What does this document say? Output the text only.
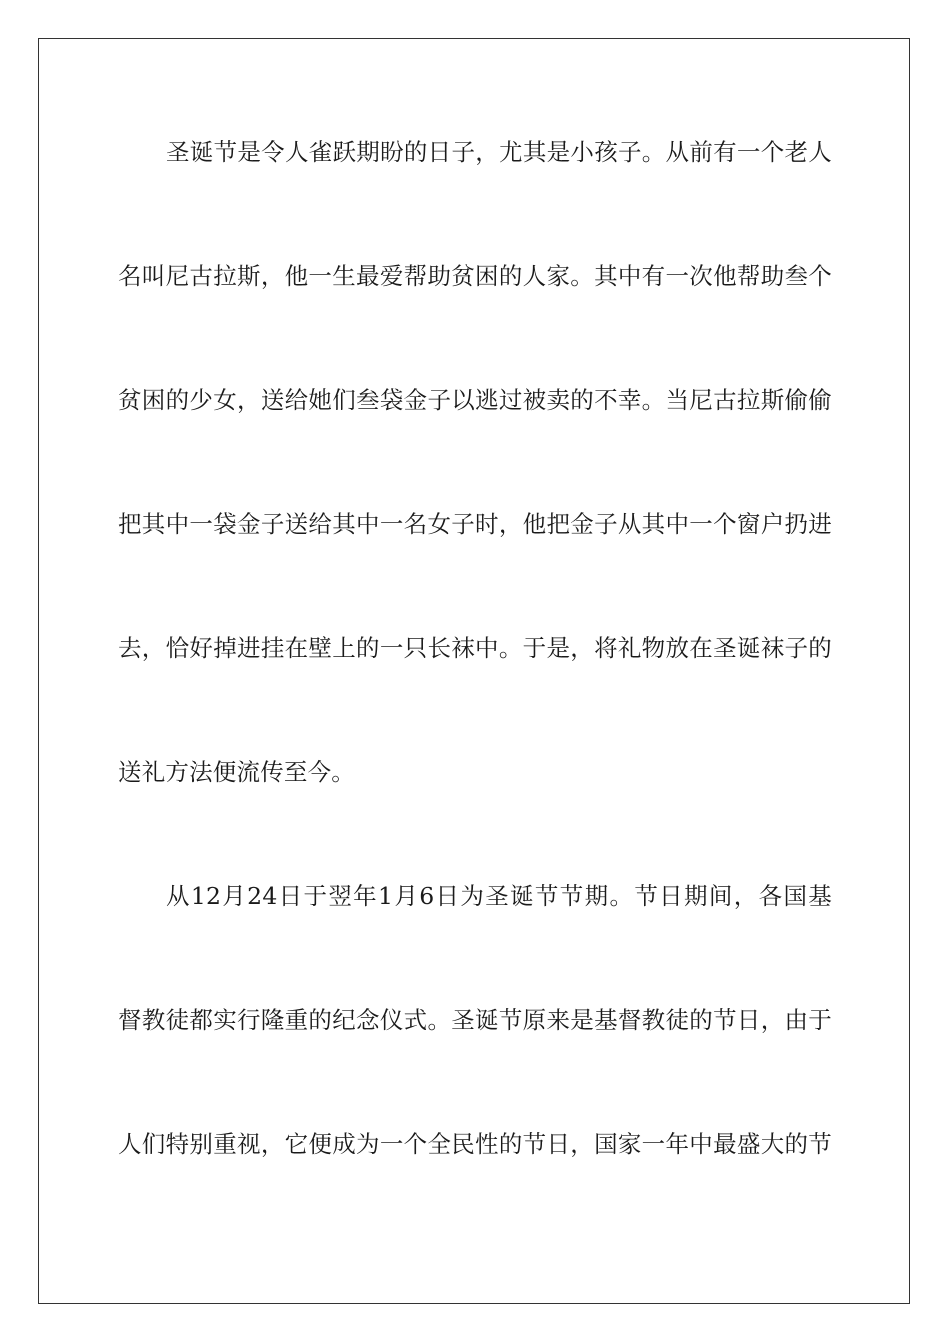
圣诞节是令人雀跃期盼的日子，尤其是小孩子。从前有一个老人
名叫尼古拉斯，他一生最爱帮助贫困的人家。其中有一次他帮助叁个
贫困的少女，送给她们叁袋金子以逃过被卖的不幸。当尼古拉斯偷偷
把其中一袋金子送给其中一名女子时，他把金子从其中一个窗户扔进
去，恰好掉进挂在壁上的一只长袜中。于是，将礼物放在圣诞袜子的
送礼方法便流传至今。
从12月24日于翌年1月6日为圣诞节节期。节日期间，各国基
督教徒都实行隆重的纪念仪式。圣诞节原来是基督教徒的节日，由于
人们特别重视，它便成为一个全民性的节日，国家一年中最盛大的节
